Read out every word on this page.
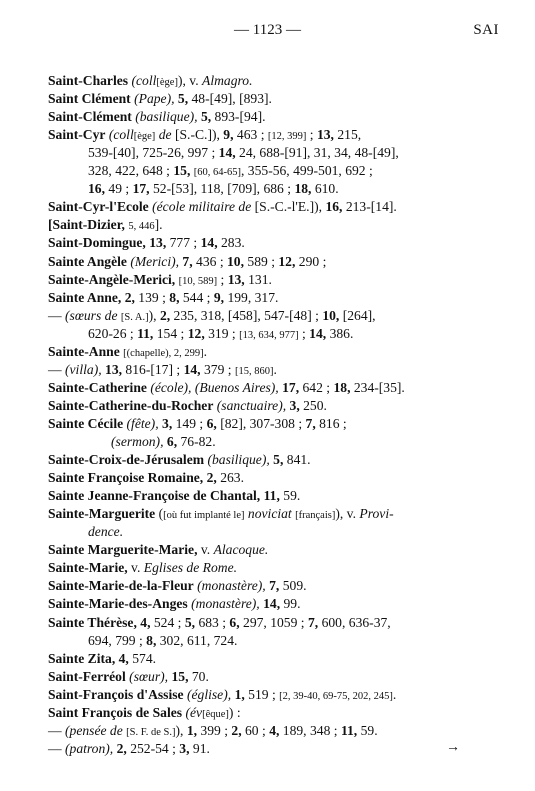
— 1123 —	SAI
Saint-Charles (coll[ège]), v. Almagro.
Saint Clément (Pape), 5, 48-[49], [893].
Saint-Clément (basilique), 5, 893-[94].
Saint-Cyr (coll[ège] de [S.-C.]), 9, 463 ; [12, 399] ; 13, 215,
539-[40], 725-26, 997 ; 14, 24, 688-[91], 31, 34, 48-[49],
328, 422, 648 ; 15, [60, 64-65], 355-56, 499-501, 692 ;
16, 49 ; 17, 52-[53], 118, [709], 686 ; 18, 610.
Saint-Cyr-l'Ecole (école militaire de [S.-C.-l'E.]), 16, 213-[14].
[Saint-Dizier, 5, 446].
Saint-Domingue, 13, 777 ; 14, 283.
Sainte Angèle (Merici), 7, 436 ; 10, 589 ; 12, 290 ;
Sainte-Angèle-Merici, [10, 589] ; 13, 131.
Sainte Anne, 2, 139 ; 8, 544 ; 9, 199, 317.
— (sœurs de [S. A.]), 2, 235, 318, [458], 547-[48] ; 10, [264],
620-26 ; 11, 154 ; 12, 319 ; [13, 634, 977] ; 14, 386.
Sainte-Anne [(chapelle), 2, 299].
— (villa), 13, 816-[17] ; 14, 379 ; [15, 860].
Sainte-Catherine (école), (Buenos Aires), 17, 642 ; 18, 234-[35].
Sainte-Catherine-du-Rocher (sanctuaire), 3, 250.
Sainte Cécile (fête), 3, 149 ; 6, [82], 307-308 ; 7, 816 ;
(sermon), 6, 76-82.
Sainte-Croix-de-Jérusalem (basilique), 5, 841.
Sainte Françoise Romaine, 2, 263.
Sainte Jeanne-Françoise de Chantal, 11, 59.
Sainte-Marguerite ([où fut implanté le] noviciat [français]), v. Provi-
dence.
Sainte Marguerite-Marie, v. Alacoque.
Sainte-Marie, v. Eglises de Rome.
Sainte-Marie-de-la-Fleur (monastère), 7, 509.
Sainte-Marie-des-Anges (monastère), 14, 99.
Sainte Thérèse, 4, 524 ; 5, 683 ; 6, 297, 1059 ; 7, 600, 636-37,
694, 799 ; 8, 302, 611, 724.
Sainte Zita, 4, 574.
Saint-Ferréol (sœur), 15, 70.
Saint-François d'Assise (église), 1, 519 ; [2, 39-40, 69-75, 202, 245].
Saint François de Sales (év[êque]) :
— (pensée de [S. F. de S.]), 1, 399 ; 2, 60 ; 4, 189, 348 ; 11, 59.
— (patron), 2, 252-54 ; 3, 91.	→
